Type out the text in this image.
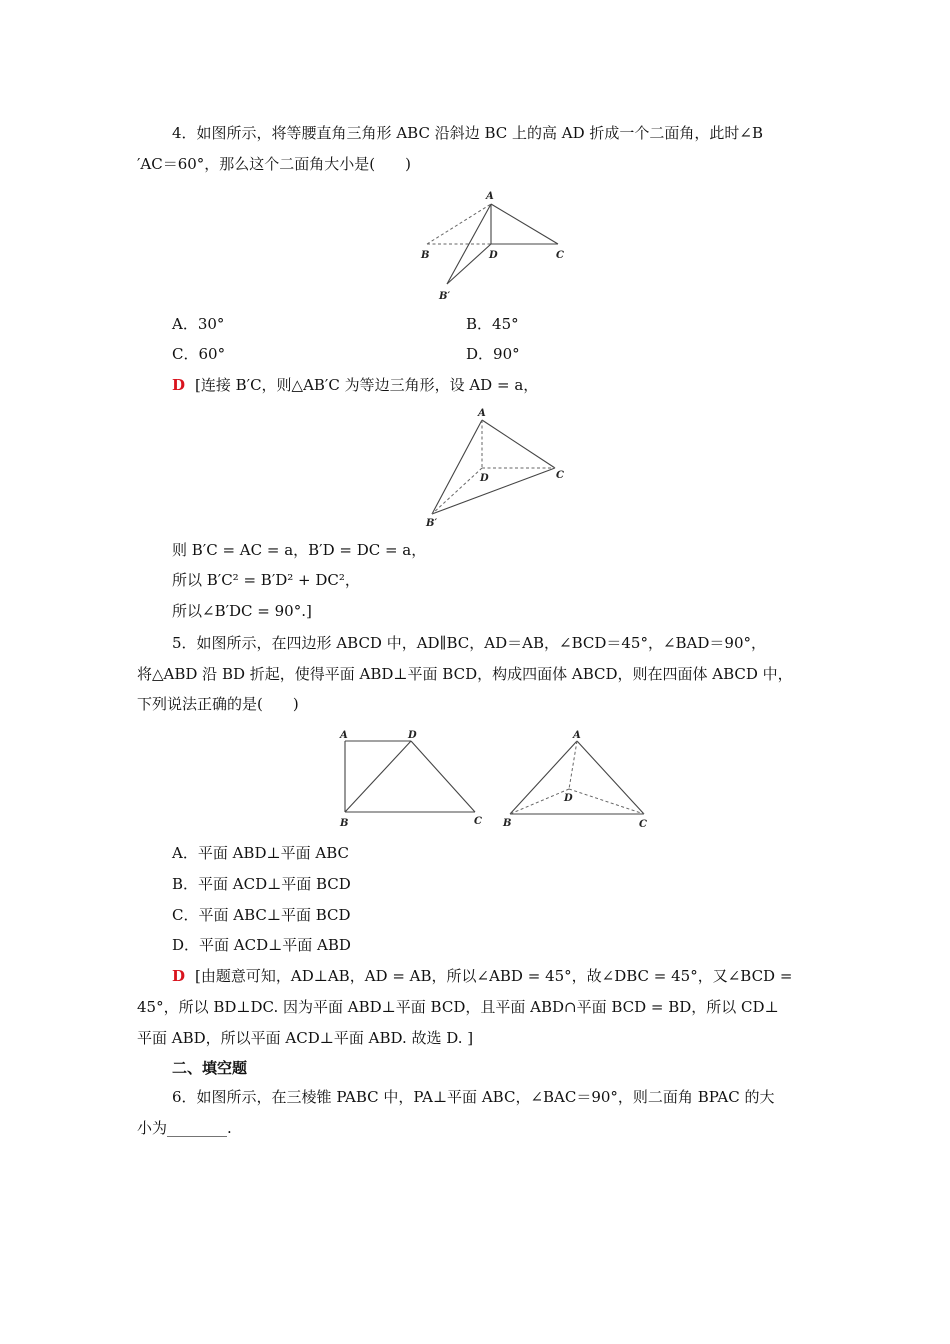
4．如图所示，将等腰直角三角形 ABC 沿斜边 BC 上的高 AD 折成一个二面角，此时∠B
′AC＝60°，那么这个二面角大小是(　　)
A
B	D	C
B′
A．30°	B．45°
C．60°	D．90°
D [连接 B′C，则△AB′C 为等边三角形，设 AD = a，
A
D	C
B′
则 B′C = AC = a，B′D = DC = a，
所以 B′C² = B′D² + DC²，
所以∠B′DC = 90°.]
5．如图所示，在四边形 ABCD 中，AD∥BC，AD＝AB，∠BCD＝45°，∠BAD＝90°，
将△ABD 沿 BD 折起，使得平面 ABD⊥平面 BCD，构成四面体 ABCD，则在四面体 ABCD 中，
下列说法正确的是(　　)
A	D
B	C
A
D
B	C
A．平面 ABD⊥平面 ABC
B．平面 ACD⊥平面 BCD
C．平面 ABC⊥平面 BCD
D．平面 ACD⊥平面 ABD
D [由题意可知，AD⊥AB，AD = AB，所以∠ABD = 45°，故∠DBC = 45°，又∠BCD =
45°，所以 BD⊥DC. 因为平面 ABD⊥平面 BCD，且平面 ABD∩平面 BCD = BD，所以 CD⊥
平面 ABD，所以平面 ACD⊥平面 ABD. 故选 D. ]
二、填空题
6．如图所示，在三棱锥 PABC 中，PA⊥平面 ABC，∠BAC＝90°，则二面角 BPAC 的大
小为________.
